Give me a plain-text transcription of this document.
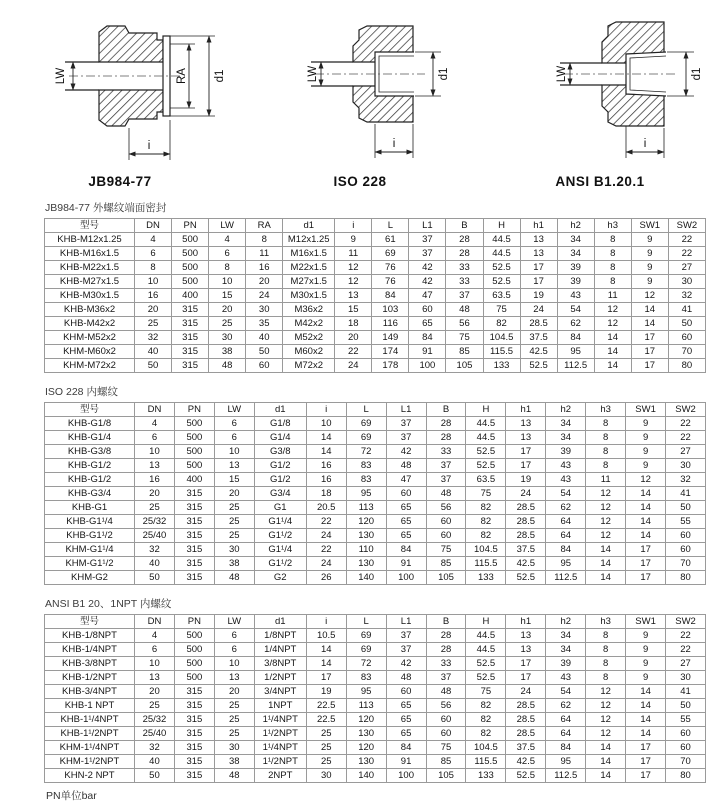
LW	RA d1
i
JB984-77
LW	d1
i
ISO 228
LW	d1
i
ANSI B1.20.1
JB984-77 外螺纹端面密封
型号	DN	PN	LW	RA	d1	i	L	L1	B	H	h1	h2	h3	SW1	SW2
KHB-M12x1.25	4	500	4	8	M12x1.25	9	61	37	28	44.5	13	34	8	9	22
KHB-M16x1.5	6	500	6	11	M16x1.5	11	69	37	28	44.5	13	34	8	9	22
KHB-M22x1.5	8	500	8	16	M22x1.5	12	76	42	33	52.5	17	39	8	9	27
KHB-M27x1.5	10	500	10	20	M27x1.5	12	76	42	33	52.5	17	39	8	9	30
KHB-M30x1.5	16	400	15	24	M30x1.5	13	84	47	37	63.5	19	43	11	12	32
KHB-M36x2	20	315	20	30	M36x2	15	103	60	48	75	24	54	12	14	41
KHB-M42x2	25	315	25	35	M42x2	18	116	65	56	82	28.5	62	12	14	50
KHM-M52x2	32	315	30	40	M52x2	20	149	84	75	104.5	37.5	84	14	17	60
KHM-M60x2	40	315	38	50	M60x2	22	174	91	85	115.5	42.5	95	14	17	70
KHM-M72x2	50	315	48	60	M72x2	24	178	100	105	133	52.5	112.5	14	17	80
ISO 228 内螺纹
型号	DN	PN	LW	d1	i	L	L1	B	H	h1	h2	h3	SW1	SW2
KHB-G1/8	4	500	6	G1/8	10	69	37	28	44.5	13	34	8	9	22
KHB-G1/4	6	500	6	G1/4	14	69	37	28	44.5	13	34	8	9	22
KHB-G3/8	10	500	10	G3/8	14	72	42	33	52.5	17	39	8	9	27
KHB-G1/2	13	500	13	G1/2	16	83	48	37	52.5	17	43	8	9	30
KHB-G1/2	16	400	15	G1/2	16	83	47	37	63.5	19	43	11	12	32
KHB-G3/4	20	315	20	G3/4	18	95	60	48	75	24	54	12	14	41
KHB-G1	25	315	25	G1	20.5	113	65	56	82	28.5	62	12	14	50
KHB-G1¹/4	25/32	315	25	G1¹/4	22	120	65	60	82	28.5	64	12	14	55
KHB-G1¹/2	25/40	315	25	G1¹/2	24	130	65	60	82	28.5	64	12	14	60
KHM-G1¹/4	32	315	30	G1¹/4	22	110	84	75	104.5	37.5	84	14	17	60
KHM-G1¹/2	40	315	38	G1¹/2	24	130	91	85	115.5	42.5	95	14	17	70
KHM-G2	50	315	48	G2	26	140	100	105	133	52.5	112.5	14	17	80
ANSI B1 20、1NPT 内螺纹
型号	DN	PN	LW	d1	i	L	L1	B	H	h1	h2	h3	SW1	SW2
KHB-1/8NPT	4	500	6	1/8NPT	10.5	69	37	28	44.5	13	34	8	9	22
KHB-1/4NPT	6	500	6	1/4NPT	14	69	37	28	44.5	13	34	8	9	22
KHB-3/8NPT	10	500	10	3/8NPT	14	72	42	33	52.5	17	39	8	9	27
KHB-1/2NPT	13	500	13	1/2NPT	17	83	48	37	52.5	17	43	8	9	30
KHB-3/4NPT	20	315	20	3/4NPT	19	95	60	48	75	24	54	12	14	41
KHB-1 NPT	25	315	25	1NPT	22.5	113	65	56	82	28.5	62	12	14	50
KHB-1¹/4NPT	25/32	315	25	1¹/4NPT	22.5	120	65	60	82	28.5	64	12	14	55
KHB-1¹/2NPT	25/40	315	25	1¹/2NPT	25	130	65	60	82	28.5	64	12	14	60
KHM-1¹/4NPT	32	315	30	1¹/4NPT	25	120	84	75	104.5	37.5	84	14	17	60
KHM-1¹/2NPT	40	315	38	1¹/2NPT	25	130	91	85	115.5	42.5	95	14	17	70
KHN-2 NPT	50	315	48	2NPT	30	140	100	105	133	52.5	112.5	14	17	80
PN单位bar
